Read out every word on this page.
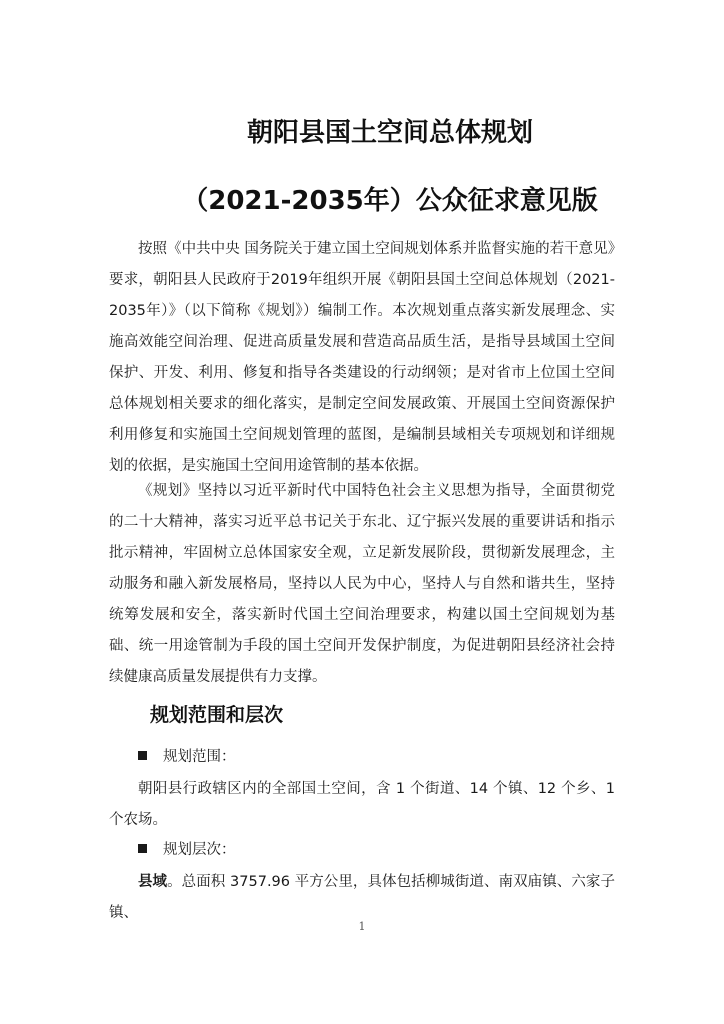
朝阳县国土空间总体规划
（2021-2035年）公众征求意见版

按照《中共中央 国务院关于建立国土空间规划体系并监督实施的若干意见》要求，朝阳县人民政府于2019年组织开展《朝阳县国土空间总体规划（2021-2035年）》（以下简称《规划》）编制工作。本次规划重点落实新发展理念、实施高效能空间治理、促进高质量发展和营造高品质生活，是指导县域国土空间保护、开发、利用、修复和指导各类建设的行动纲领；是对省市上位国土空间总体规划相关要求的细化落实，是制定空间发展政策、开展国土空间资源保护利用修复和实施国土空间规划管理的蓝图，是编制县域相关专项规划和详细规划的依据，是实施国土空间用途管制的基本依据。

《规划》坚持以习近平新时代中国特色社会主义思想为指导，全面贯彻党的二十大精神，落实习近平总书记关于东北、辽宁振兴发展的重要讲话和指示批示精神，牢固树立总体国家安全观，立足新发展阶段，贯彻新发展理念，主动服务和融入新发展格局，坚持以人民为中心，坚持人与自然和谐共生，坚持统筹发展和安全，落实新时代国土空间治理要求，构建以国土空间规划为基础、统一用途管制为手段的国土空间开发保护制度，为促进朝阳县经济社会持续健康高质量发展提供有力支撑。

规划范围和层次
规划范围：

朝阳县行政辖区内的全部国土空间，含 1 个街道、14 个镇、12 个乡、1 个农场。

规划层次：

县域。总面积 3757.96 平方公里，具体包括柳城街道、南双庙镇、六家子镇、

1
